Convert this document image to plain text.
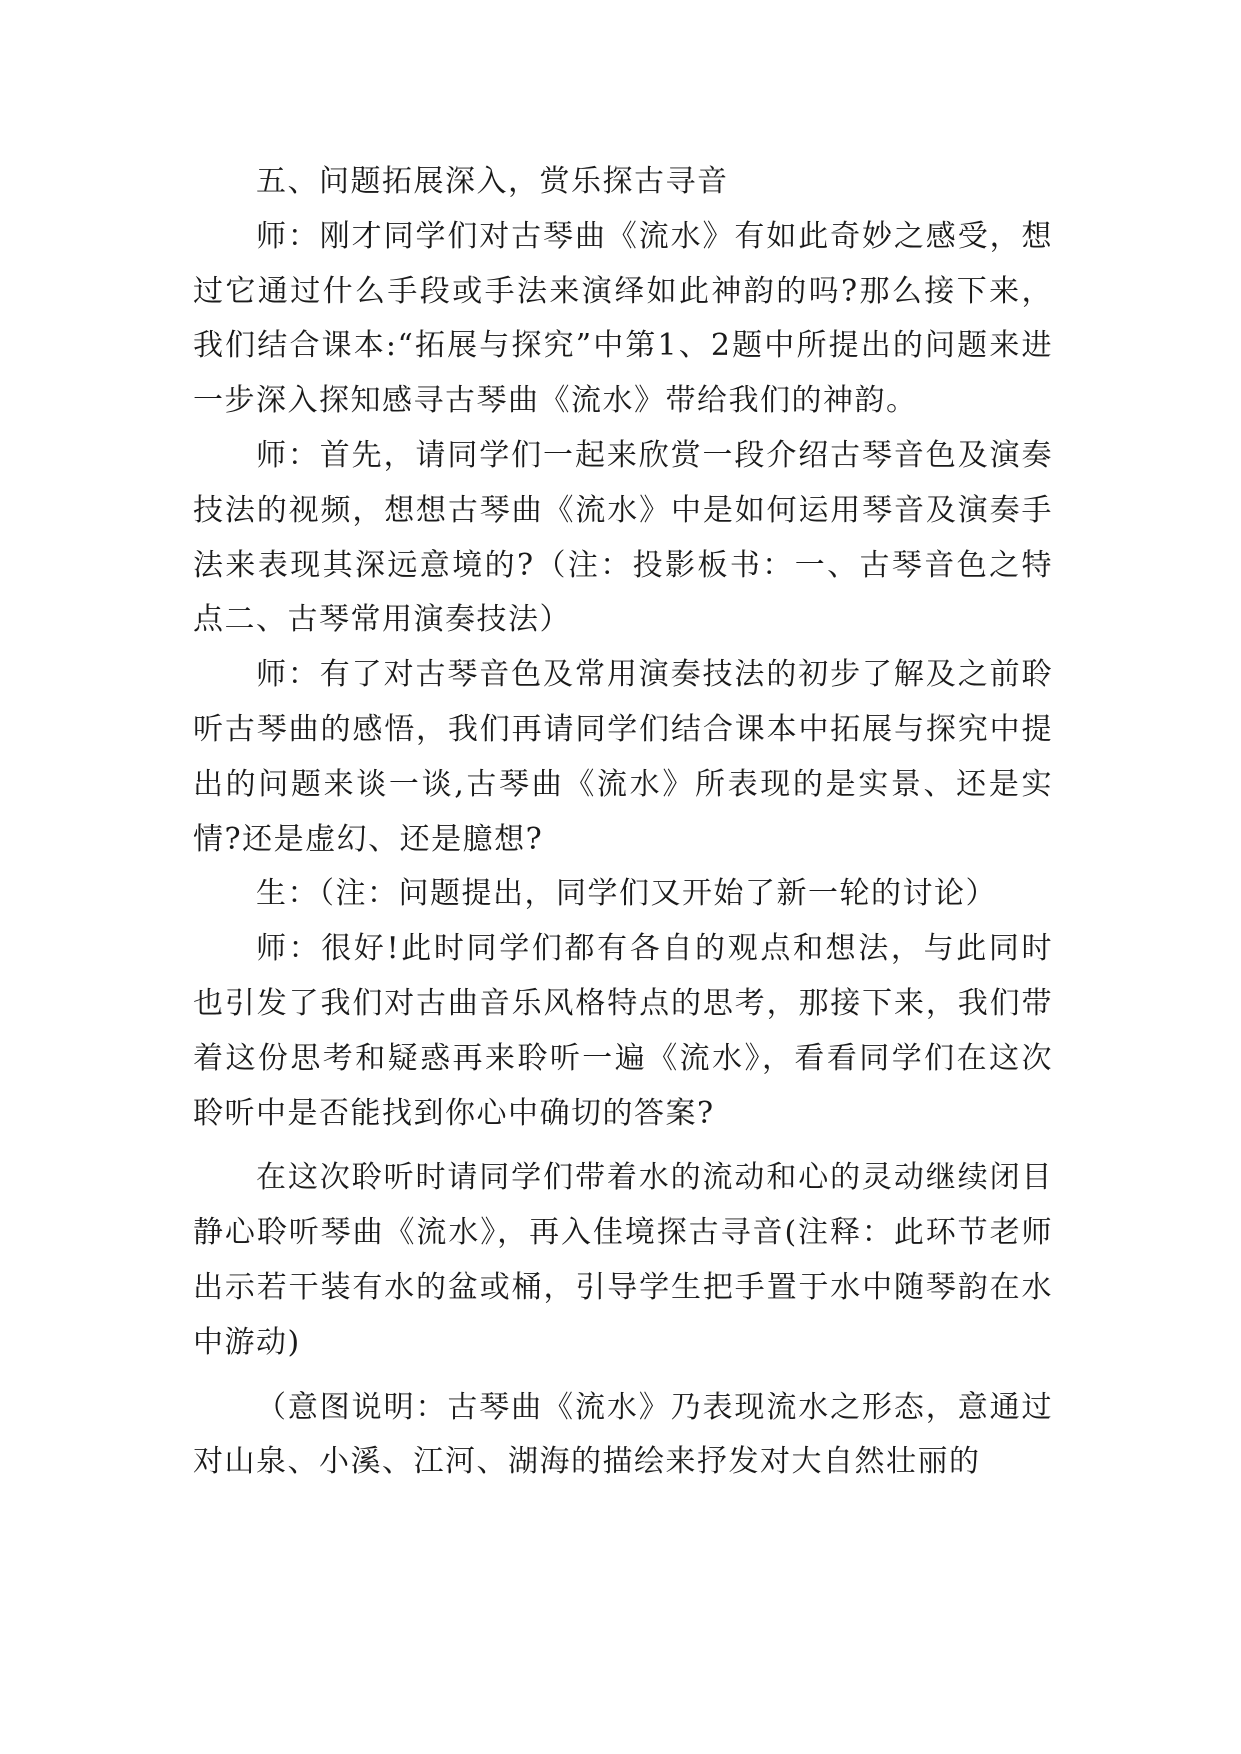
五、问题拓展深入，赏乐探古寻音

师：刚才同学们对古琴曲《流水》有如此奇妙之感受，想过它通过什么手段或手法来演绎如此神韵的吗?那么接下来，我们结合课本:“拓展与探究”中第1、2题中所提出的问题来进一步深入探知感寻古琴曲《流水》带给我们的神韵。

师：首先，请同学们一起来欣赏一段介绍古琴音色及演奏技法的视频，想想古琴曲《流水》中是如何运用琴音及演奏手法来表现其深远意境的?（注：投影板书：一、古琴音色之特点二、古琴常用演奏技法）

师：有了对古琴音色及常用演奏技法的初步了解及之前聆听古琴曲的感悟，我们再请同学们结合课本中拓展与探究中提出的问题来谈一谈,古琴曲《流水》所表现的是实景、还是实情?还是虚幻、还是臆想?

生：（注：问题提出，同学们又开始了新一轮的讨论）

师：很好!此时同学们都有各自的观点和想法，与此同时也引发了我们对古曲音乐风格特点的思考，那接下来，我们带着这份思考和疑惑再来聆听一遍《流水》，看看同学们在这次聆听中是否能找到你心中确切的答案?

在这次聆听时请同学们带着水的流动和心的灵动继续闭目静心聆听琴曲《流水》，再入佳境探古寻音(注释：此环节老师出示若干装有水的盆或桶，引导学生把手置于水中随琴韵在水中游动)

（意图说明：古琴曲《流水》乃表现流水之形态，意通过对山泉、小溪、江河、湖海的描绘来抒发对大自然壮丽的
